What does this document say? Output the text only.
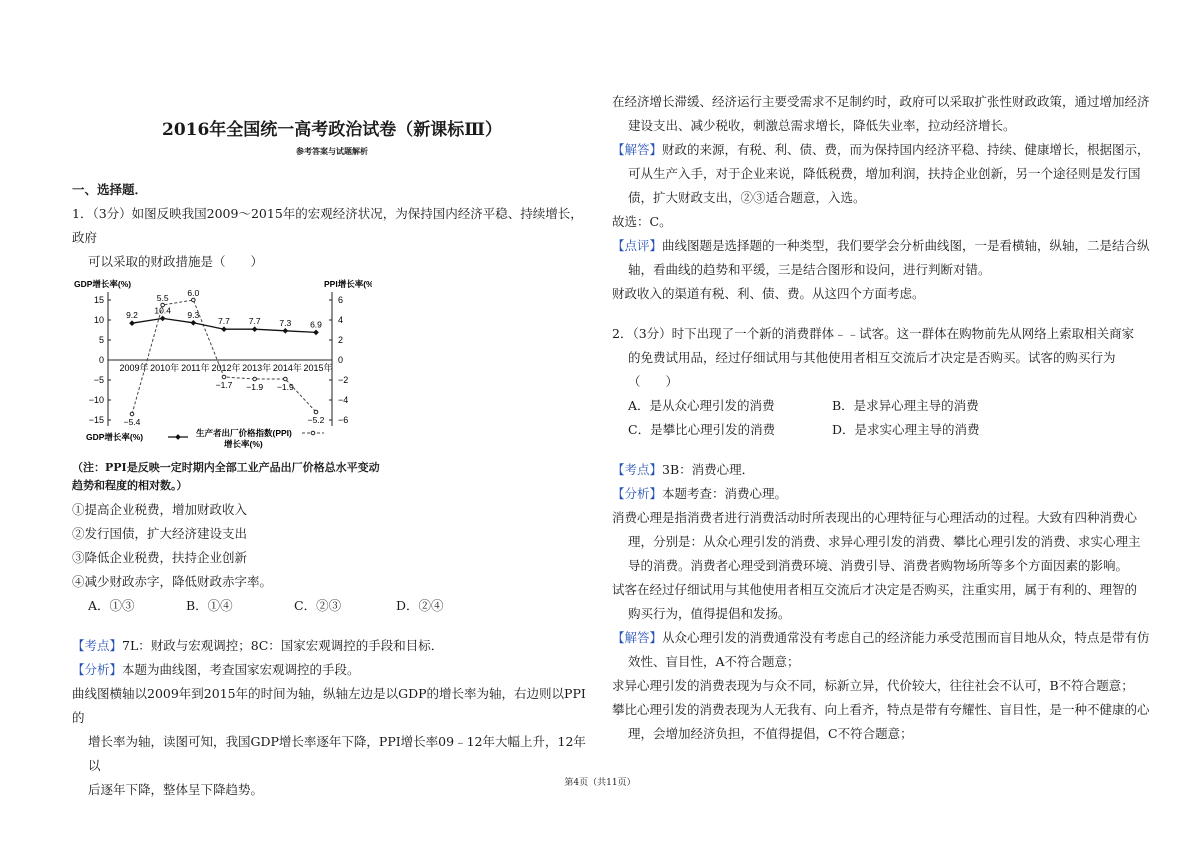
2016年全国统一高考政治试卷（新课标Ⅲ）
参考答案与试题解析
一、选择题．
1．（3分）如图反映我国2009～2015年的宏观经济状况，为保持国内经济平稳、持续增长，政府
可以采取的财政措施是（　　）
GDP增长率(%)	PPI增长率(%)
15
10
5
0
−5
−10
−15
6
4
2
0
−2
−4
−6
2009年 2010年 2011年 2012年 2013年 2014年 2015年
9.2 10.4 9.3
7.7 7.7 7.3 6.9
−5.4
5.5 6.0
−1.7 −1.9 −1.9
−5.2
GDP增长率(%)	生产者出厂价格指数(PPI)
增长率(%)
（注：PPI是反映一定时期内全部工业产品出厂价格总水平变动
趋势和程度的相对数。）
①提高企业税费，增加财政收入
②发行国债，扩大经济建设支出
③降低企业税费，扶持企业创新
④减少财政赤字，降低财政赤字率。
A．①③	B．①④	C．②③	D．②④
【考点】7L：财政与宏观调控；8C：国家宏观调控的手段和目标．
【分析】本题为曲线图，考查国家宏观调控的手段。
曲线图横轴以2009年到2015年的时间为轴，纵轴左边是以GDP的增长率为轴，右边则以PPI的
增长率为轴，读图可知，我国GDP增长率逐年下降，PPI增长率09﹣12年大幅上升，12年以
后逐年下降，整体呈下降趋势。
在经济增长滞缓、经济运行主要受需求不足制约时，政府可以采取扩张性财政政策，通过增加经济
建设支出、减少税收，刺激总需求增长，降低失业率，拉动经济增长。
【解答】财政的来源，有税、利、债、费，而为保持国内经济平稳、持续、健康增长，根据图示，
可从生产入手，对于企业来说，降低税费，增加利润，扶持企业创新，另一个途径则是发行国
债，扩大财政支出，②③适合题意，入选。
故选：C。
【点评】曲线图题是选择题的一种类型，我们要学会分析曲线图，一是看横轴，纵轴，二是结合纵
轴，看曲线的趋势和平缓，三是结合图形和设问，进行判断对错。
财政收入的渠道有税、利、债、费。从这四个方面考虑。
2．（3分）时下出现了一个新的消费群体﹣﹣试客。这一群体在购物前先从网络上索取相关商家
的免费试用品，经过仔细试用与其他使用者相互交流后才决定是否购买。试客的购买行为
（　　）
A．是从众心理引发的消费	B．是求异心理主导的消费
C．是攀比心理引发的消费	D．是求实心理主导的消费
【考点】3B：消费心理．
【分析】本题考查：消费心理。
消费心理是指消费者进行消费活动时所表现出的心理特征与心理活动的过程。大致有四种消费心
理，分别是：从众心理引发的消费、求异心理引发的消费、攀比心理引发的消费、求实心理主
导的消费。消费者心理受到消费环境、消费引导、消费者购物场所等多个方面因素的影响。
试客在经过仔细试用与其他使用者相互交流后才决定是否购买，注重实用，属于有利的、理智的
购买行为，值得提倡和发扬。
【解答】从众心理引发的消费通常没有考虑自己的经济能力承受范围而盲目地从众，特点是带有仿
效性、盲目性，A不符合题意；
求异心理引发的消费表现为与众不同，标新立异，代价较大，往往社会不认可，B不符合题意；
攀比心理引发的消费表现为人无我有、向上看齐，特点是带有夸耀性、盲目性，是一种不健康的心
理，会增加经济负担，不值得提倡，C不符合题意；
第4页（共11页）
